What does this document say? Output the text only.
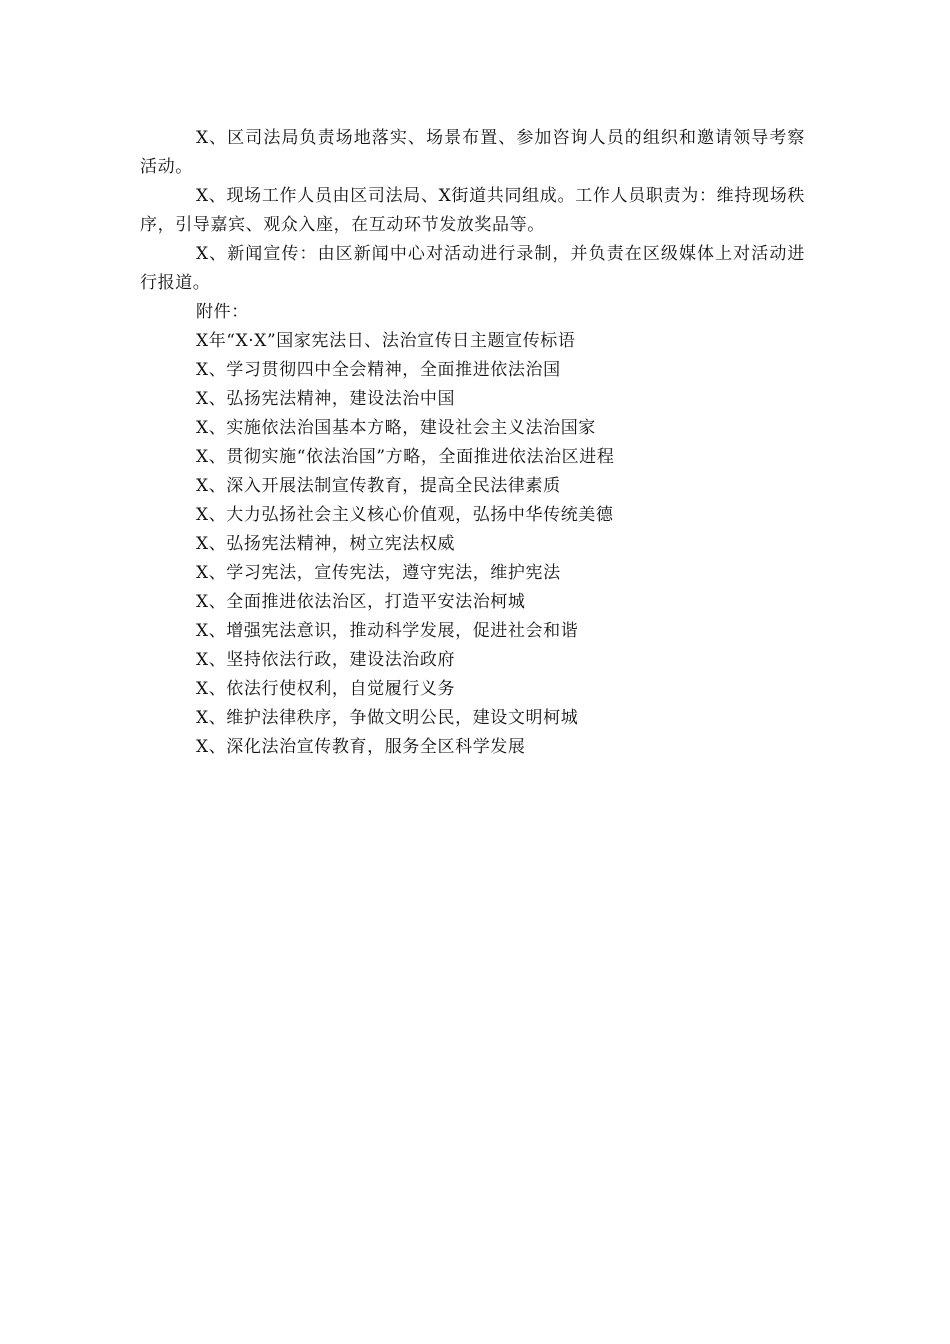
X、区司法局负责场地落实、场景布置、参加咨询人员的组织和邀请领导考察活动。

X、现场工作人员由区司法局、X街道共同组成。工作人员职责为：维持现场秩序，引导嘉宾、观众入座，在互动环节发放奖品等。

X、新闻宣传：由区新闻中心对活动进行录制，并负责在区级媒体上对活动进行报道。

附件：

X年“X·X”国家宪法日、法治宣传日主题宣传标语

X、学习贯彻四中全会精神，全面推进依法治国
X、弘扬宪法精神，建设法治中国
X、实施依法治国基本方略，建设社会主义法治国家
X、贯彻实施“依法治国”方略，全面推进依法治区进程
X、深入开展法制宣传教育，提高全民法律素质
X、大力弘扬社会主义核心价值观，弘扬中华传统美德
X、弘扬宪法精神，树立宪法权威
X、学习宪法，宣传宪法，遵守宪法，维护宪法
X、全面推进依法治区，打造平安法治柯城
X、增强宪法意识，推动科学发展，促进社会和谐
X、坚持依法行政，建设法治政府
X、依法行使权利，自觉履行义务
X、维护法律秩序，争做文明公民，建设文明柯城
X、深化法治宣传教育，服务全区科学发展
